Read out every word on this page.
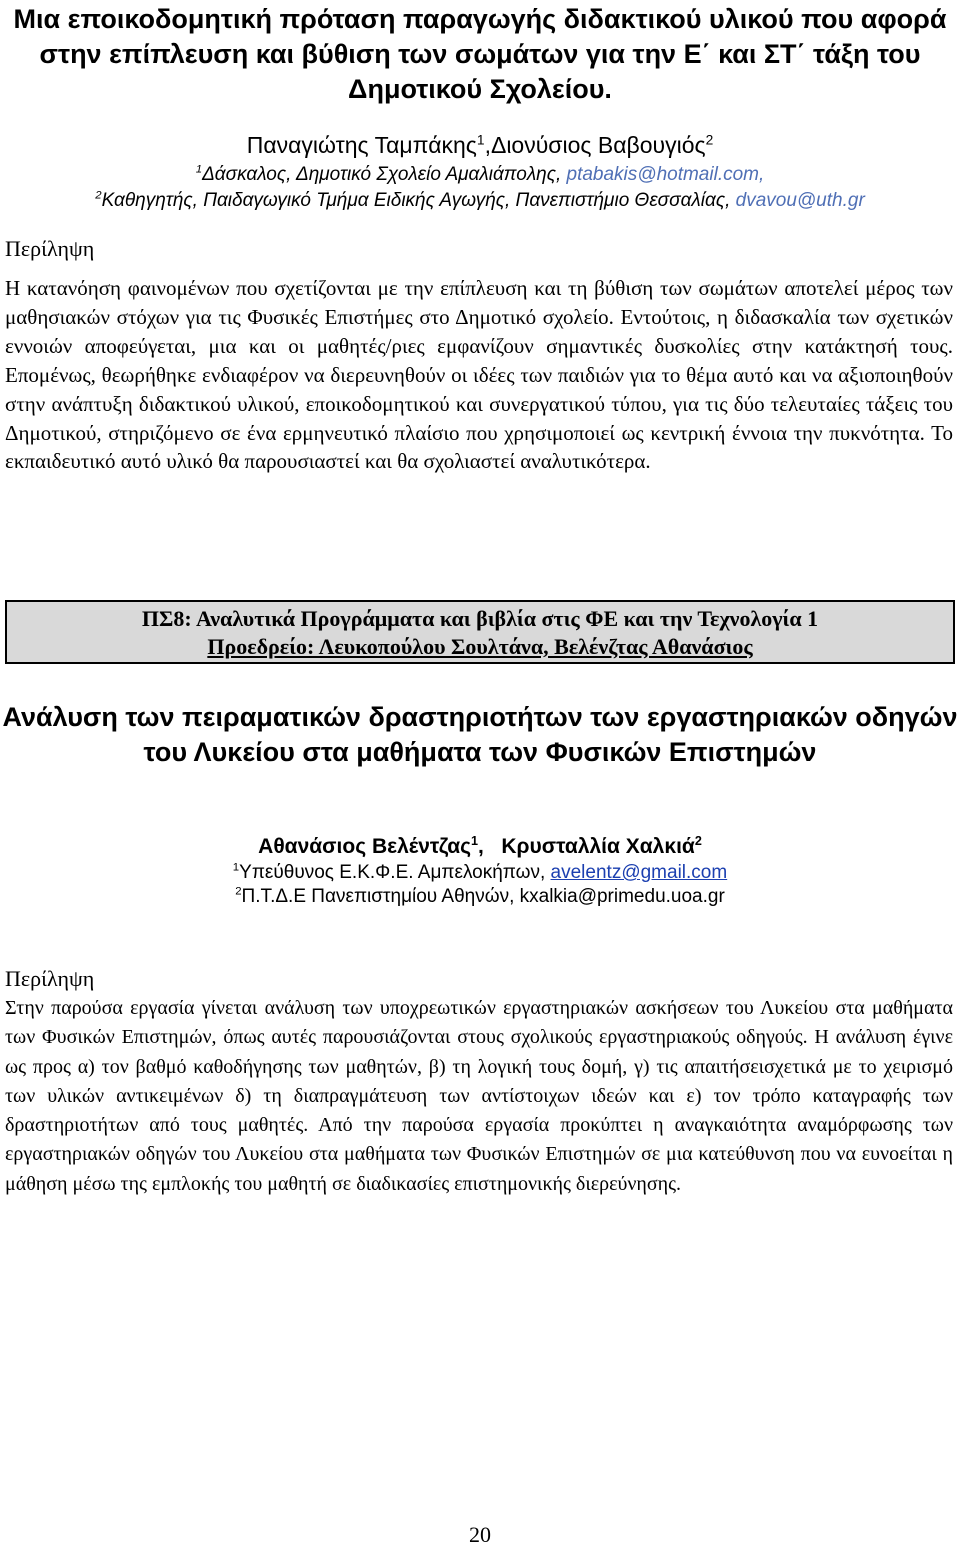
Μια εποικοδομητική πρόταση παραγωγής διδακτικού υλικού που αφορά στην επίπλευση και βύθιση των σωμάτων για την Ε΄ και ΣΤ΄ τάξη του Δημοτικού Σχολείου.
Παναγιώτης Ταμπάκης$^1$,Διονύσιος Βαβουγιός$^2$
$^1$Δάσκαλος, Δημοτικό Σχολείο Αμαλιάπολης, ptabakis@hotmail.com,
$^2$Καθηγητής, Παιδαγωγικό Τμήμα Ειδικής Αγωγής, Πανεπιστήμιο Θεσσαλίας, dvavou@uth.gr
Περίληψη
Η κατανόηση φαινομένων που σχετίζονται με την επίπλευση και τη βύθιση των σωμάτων αποτελεί μέρος των μαθησιακών στόχων για τις Φυσικές Επιστήμες στο Δημοτικό σχολείο. Εντούτοις, η διδασκαλία των σχετικών εννοιών αποφεύγεται, μια και οι μαθητές/ριες εμφανίζουν σημαντικές δυσκολίες στην κατάκτησή τους. Επομένως, θεωρήθηκε ενδιαφέρον να διερευνηθούν οι ιδέες των παιδιών για το θέμα αυτό και να αξιοποιηθούν στην ανάπτυξη διδακτικού υλικού, εποικοδομητικού και συνεργατικού τύπου, για τις δύο τελευταίες τάξεις του Δημοτικού, στηριζόμενο σε ένα ερμηνευτικό πλαίσιο που χρησιμοποιεί ως κεντρική έννοια την πυκνότητα. Το εκπαιδευτικό αυτό υλικό θα παρουσιαστεί και θα σχολιαστεί αναλυτικότερα.
ΠΣ8: Αναλυτικά Προγράμματα και βιβλία στις ΦΕ και την Τεχνολογία 1
Προεδρείο: Λευκοπούλου Σουλτάνα, Βελένζτας Αθανάσιος
Ανάλυση των πειραματικών δραστηριοτήτων των εργαστηριακών οδηγών του Λυκείου στα μαθήματα των Φυσικών Επιστημών
Αθανάσιος Βελέντζας$^1$,   Κρυσταλλία Χαλκιά$^2$
$^1$Υπεύθυνος Ε.Κ.Φ.Ε. Αμπελοκήπων, avelentz@gmail.com
$^2$Π.Τ.Δ.Ε Πανεπιστημίου Αθηνών, kxalkia@primedu.uoa.gr
Περίληψη
Στην παρούσα εργασία γίνεται ανάλυση των υποχρεωτικών εργαστηριακών ασκήσεων του Λυκείου στα μαθήματα των Φυσικών Επιστημών, όπως αυτές παρουσιάζονται στους σχολικούς εργαστηριακούς οδηγούς. Η ανάλυση έγινε ως προς α) τον βαθμό καθοδήγησης των μαθητών, β) τη λογική τους δομή, γ) τις απαιτήσεισχετικά με το χειρισμό των υλικών αντικειμένων δ) τη διαπραγμάτευση των αντίστοιχων ιδεών και ε) τον τρόπο καταγραφής των δραστηριοτήτων από τους μαθητές. Από την παρούσα εργασία προκύπτει η αναγκαιότητα αναμόρφωσης των εργαστηριακών οδηγών του Λυκείου στα μαθήματα των Φυσικών Επιστημών σε μια κατεύθυνση που να ευνοείται η μάθηση μέσω της εμπλοκής του μαθητή σε διαδικασίες επιστημονικής διερεύνησης.
20
